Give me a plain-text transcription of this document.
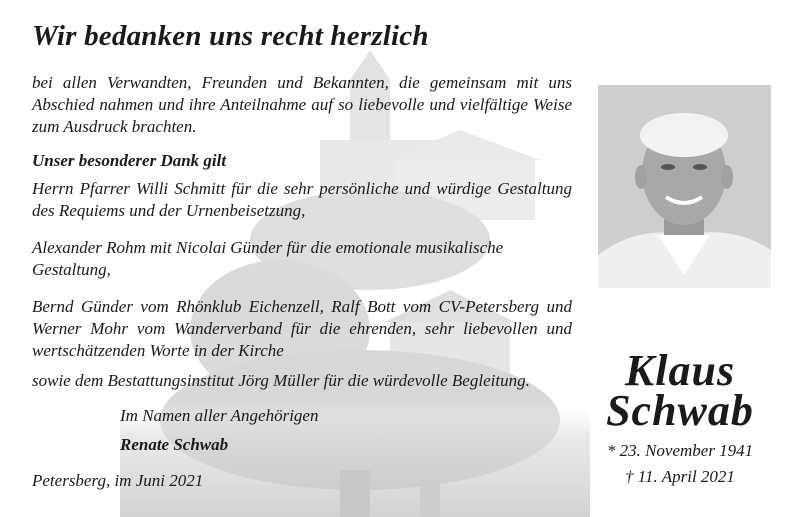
Wir bedanken uns recht herzlich
bei allen Verwandten, Freunden und Bekannten, die gemeinsam mit uns Abschied nahmen und ihre Anteilnahme auf so liebevolle und vielfältige Weise zum Ausdruck brachten.
Unser besonderer Dank gilt
Herrn Pfarrer Willi Schmitt für die sehr persönliche und würdige Gestaltung des Requiems und der Urnenbeisetzung,
Alexander Rohm mit Nicolai Günder für die emotionale musikalische Gestaltung,
Bernd Günder vom Rhönklub Eichenzell, Ralf Bott vom CV-Petersberg und Werner Mohr vom Wanderverband für die ehrenden, sehr liebevollen und wertschätzenden Worte in der Kirche
sowie dem Bestattungsinstitut Jörg Müller für die würdevolle Begleitung.
Im Namen aller Angehörigen
Renate Schwab
Petersberg, im Juni 2021
Klaus
Schwab
* 23. November 1941
† 11. April 2021
